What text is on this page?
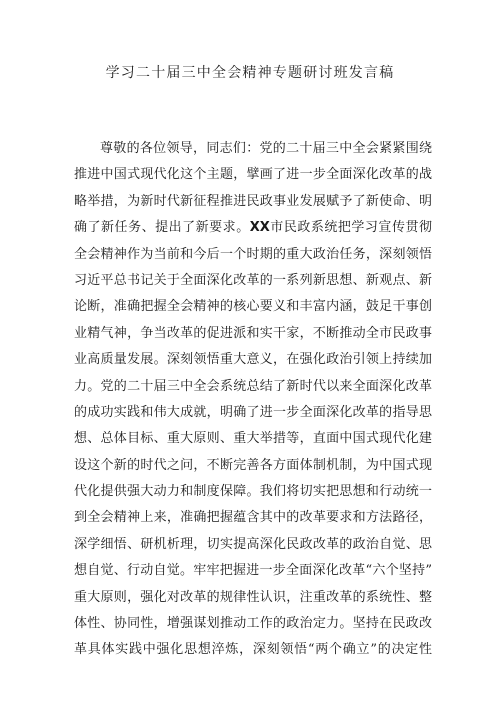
学习二十届三中全会精神专题研讨班发言稿
尊敬的各位领导，同志们：党的二十届三中全会紧紧围绕
推进中国式现代化这个主题，擘画了进一步全面深化改革的战
略举措，为新时代新征程推进民政事业发展赋予了新使命、明
确了新任务、提出了新要求。XX市民政系统把学习宣传贯彻
全会精神作为当前和今后一个时期的重大政治任务，深刻领悟
习近平总书记关于全面深化改革的一系列新思想、新观点、新
论断，准确把握全会精神的核心要义和丰富内涵，鼓足干事创
业精气神，争当改革的促进派和实干家，不断推动全市民政事
业高质量发展。深刻领悟重大意义，在强化政治引领上持续加
力。党的二十届三中全会系统总结了新时代以来全面深化改革
的成功实践和伟大成就，明确了进一步全面深化改革的指导思
想、总体目标、重大原则、重大举措等，直面中国式现代化建
设这个新的时代之问，不断完善各方面体制机制，为中国式现
代化提供强大动力和制度保障。我们将切实把思想和行动统一
到全会精神上来，准确把握蕴含其中的改革要求和方法路径，
深学细悟、研机析理，切实提高深化民政改革的政治自觉、思
想自觉、行动自觉。牢牢把握进一步全面深化改革“六个坚持”
重大原则，强化对改革的规律性认识，注重改革的系统性、整
体性、协同性，增强谋划推动工作的政治定力。坚持在民政改
革具体实践中强化思想淬炼，深刻领悟“两个确立”的决定性
